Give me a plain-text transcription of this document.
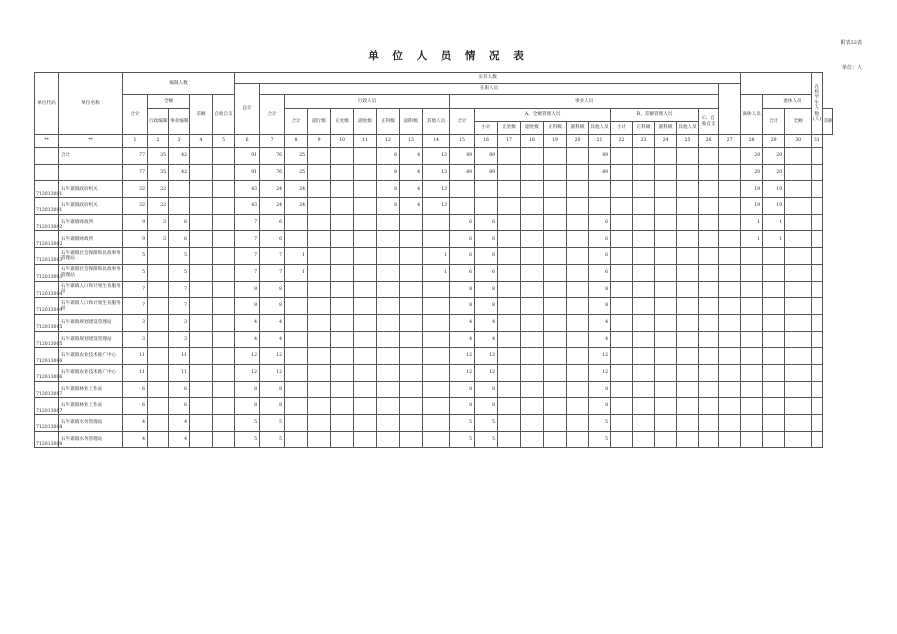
附表32表
单 位 人 员 情 况 表
单位：人
单位代码	单位名称	编制人数					实有人数																									在校学生人数(人)	
							总计	在职人员																									
		合计	全额		差额	自收自支		合计	行政人员							事业人员													离休人员	退休人员			
			行政编制	事业编制					合计	副厅级	正处级	副处级	正科级	副科级	其他人员	合计	A、全额管理人员						B、差额管理人员				C、自收自支			合计	全额		差额
																	小计	正处级	副处级	正科级	副科级	其他人员	小计	正科级	副科级	其他人员							
**	**	1	2	3	4	5	6	7	8	9	10	11	12	13	14	15	16	17	18	19	20	21	22	23	24	25	26	27	28	29	30	31	
	合计	77	35	42			91	76	25				8	4	13	89	89					89							20	20			
		77	35	42			91	76	25				8	4	13	89	89					89							20	20			
712013001	石牛寨镇政府机关	32	32				43	24	24				8	4	12														19	19			
712013001	石牛寨镇政府机关	32	32				43	24	24				8	4	12														19	19			
712013002	石牛寨镇财政所	9	3	6			7	6								6	6					6							1	1			
712013002	石牛寨镇财政所	9	3	6			7	6								6	6					6							1	1			
712013003	石牛寨镇社会保障和民政事务管理站	5		5			7	7	1						1	6	6					6											
712013003	石牛寨镇社会保障和民政事务管理站	5		5			7	7	1						1	6	6					6											
712013004	石牛寨镇人口和计划生育服务站	7		7			8	8								8	8					8											
712013004	石牛寨镇人口和计划生育服务站	7		7			8	8								8	8					8											
712013005	石牛寨镇规划建设管理站	3		3			4	4								4	4					4											
712013005	石牛寨镇规划建设管理站	3		3			4	4								4	4					4											
712013006	石牛寨镇农业技术推广中心	11		11			12	12								12	12					12											
712013006	石牛寨镇农业技术推广中心	11		11			12	12								12	12					12											
712013007	石牛寨镇林业工作站	6		6			8	8								8	8					8											
712013007	石牛寨镇林业工作站	6		6			8	8								8	8					8											
712013008	石牛寨镇水务管理站	4		4			5	5								5	5					5											
712013008	石牛寨镇水务管理站	4		4			5	5								5	5					5											
